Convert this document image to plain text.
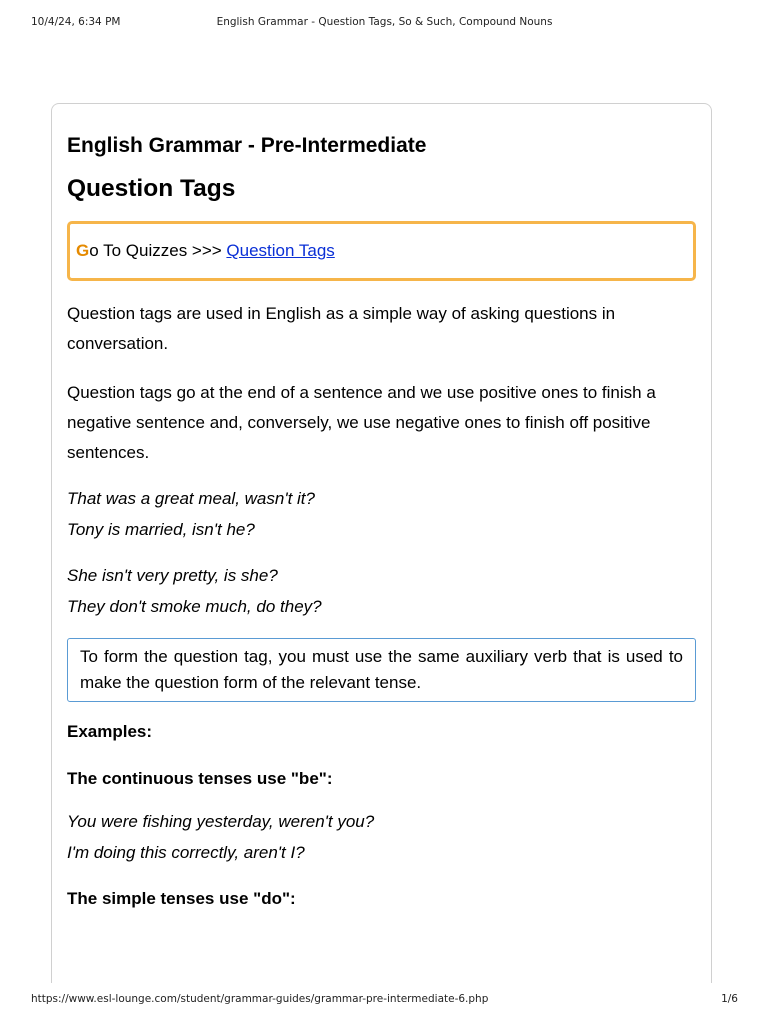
10/4/24, 6:34 PM	English Grammar - Question Tags, So & Such, Compound Nouns
English Grammar - Pre-Intermediate
Question Tags
Go To Quizzes >>> Question Tags

Question tags are used in English as a simple way of asking questions in conversation.

Question tags go at the end of a sentence and we use positive ones to finish a negative sentence and, conversely, we use negative ones to finish off positive sentences.

That was a great meal, wasn't it?
Tony is married, isn't he?
She isn't very pretty, is she?
They don't smoke much, do they?
To form the question tag, you must use the same auxiliary verb that is used to make the question form of the relevant tense.
Examples:
The continuous tenses use "be":
You were fishing yesterday, weren't you?
I'm doing this correctly, aren't I?
The simple tenses use "do":
https://www.esl-lounge.com/student/grammar-guides/grammar-pre-intermediate-6.php	1/6
